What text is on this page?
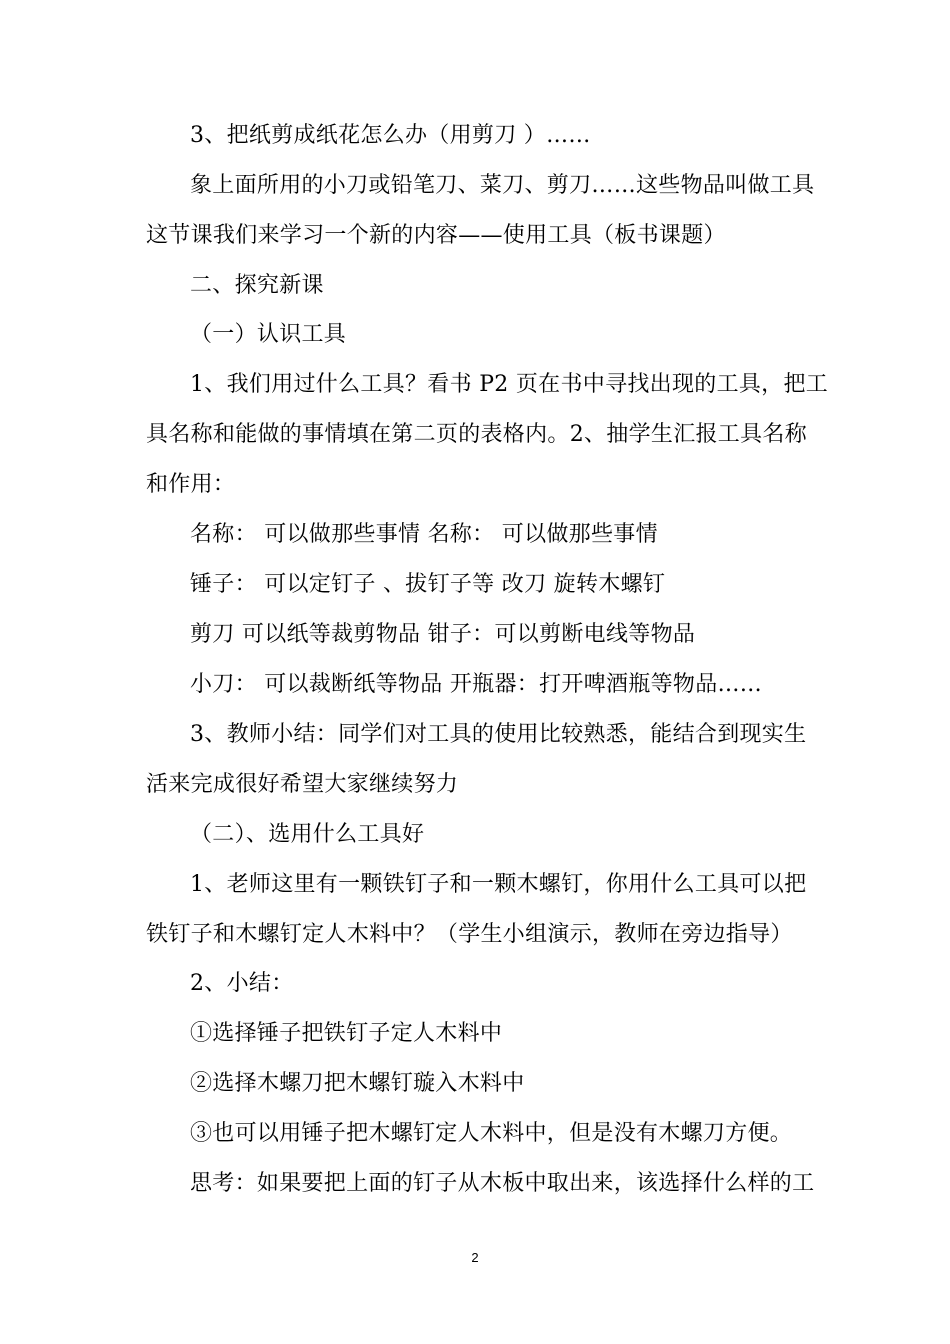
3、把纸剪成纸花怎么办（用剪刀 ）……
象上面所用的小刀或铅笔刀、菜刀、剪刀……这些物品叫做工具
这节课我们来学习一个新的内容——使用工具（板书课题）
二、探究新课
（一）认识工具
1、我们用过什么工具？看书 P2 页在书中寻找出现的工具，把工
具名称和能做的事情填在第二页的表格内。2、抽学生汇报工具名称
和作用：
名称： 可以做那些事情 名称： 可以做那些事情
锤子： 可以定钉子 、拔钉子等 改刀 旋转木螺钉
剪刀 可以纸等裁剪物品 钳子：可以剪断电线等物品
小刀： 可以裁断纸等物品 开瓶器：打开啤酒瓶等物品……
3、教师小结：同学们对工具的使用比较熟悉，能结合到现实生
活来完成很好希望大家继续努力
（二）、选用什么工具好
1、老师这里有一颗铁钉子和一颗木螺钉，你用什么工具可以把
铁钉子和木螺钉定人木料中？（学生小组演示，教师在旁边指导）
2、小结：
①选择锤子把铁钉子定人木料中
②选择木螺刀把木螺钉璇入木料中
③也可以用锤子把木螺钉定人木料中，但是没有木螺刀方便。
思考：如果要把上面的钉子从木板中取出来，该选择什么样的工
2
